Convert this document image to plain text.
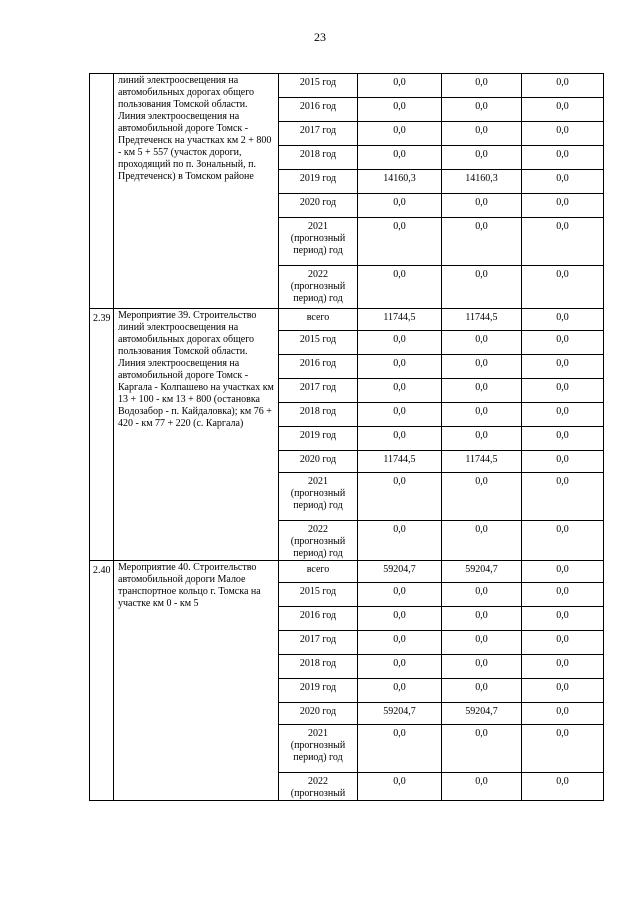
23
	линий электроосвещения на автомобильных дорогах общего пользования Томской области. Линия электроосвещения на автомобильной дороге Томск - Предтеченск на участках км 2 + 800 - км 5 + 557 (участок дороги, проходящий по п. Зональный, п. Предтеченск) в Томском районе	2015 год	0,0	0,0	0,0
		2016 год	0,0	0,0	0,0
		2017 год	0,0	0,0	0,0
		2018 год	0,0	0,0	0,0
		2019 год	14160,3	14160,3	0,0
		2020 год	0,0	0,0	0,0
		2021 (прогнозный период) год	0,0	0,0	0,0
		2022 (прогнозный период) год	0,0	0,0	0,0
2.39	Мероприятие 39. Строительство линий электроосвещения на автомобильных дорогах общего пользования Томской области. Линия электроосвещения на автомобильной дороге Томск - Каргала - Колпашево на участках км 13 + 100 - км 13 + 800 (остановка Водозабор - п. Кайдаловка); км 76 + 420 - км 77 + 220 (с. Каргала)	всего	11744,5	11744,5	0,0
		2015 год	0,0	0,0	0,0
		2016 год	0,0	0,0	0,0
		2017 год	0,0	0,0	0,0
		2018 год	0,0	0,0	0,0
		2019 год	0,0	0,0	0,0
		2020 год	11744,5	11744,5	0,0
		2021 (прогнозный период) год	0,0	0,0	0,0
		2022 (прогнозный период) год	0,0	0,0	0,0
2.40	Мероприятие 40. Строительство автомобильной дороги Малое транспортное кольцо г. Томска на участке км 0 - км 5	всего	59204,7	59204,7	0,0
		2015 год	0,0	0,0	0,0
		2016 год	0,0	0,0	0,0
		2017 год	0,0	0,0	0,0
		2018 год	0,0	0,0	0,0
		2019 год	0,0	0,0	0,0
		2020 год	59204,7	59204,7	0,0
		2021 (прогнозный период) год	0,0	0,0	0,0
		2022 (прогнозный	0,0	0,0	0,0
